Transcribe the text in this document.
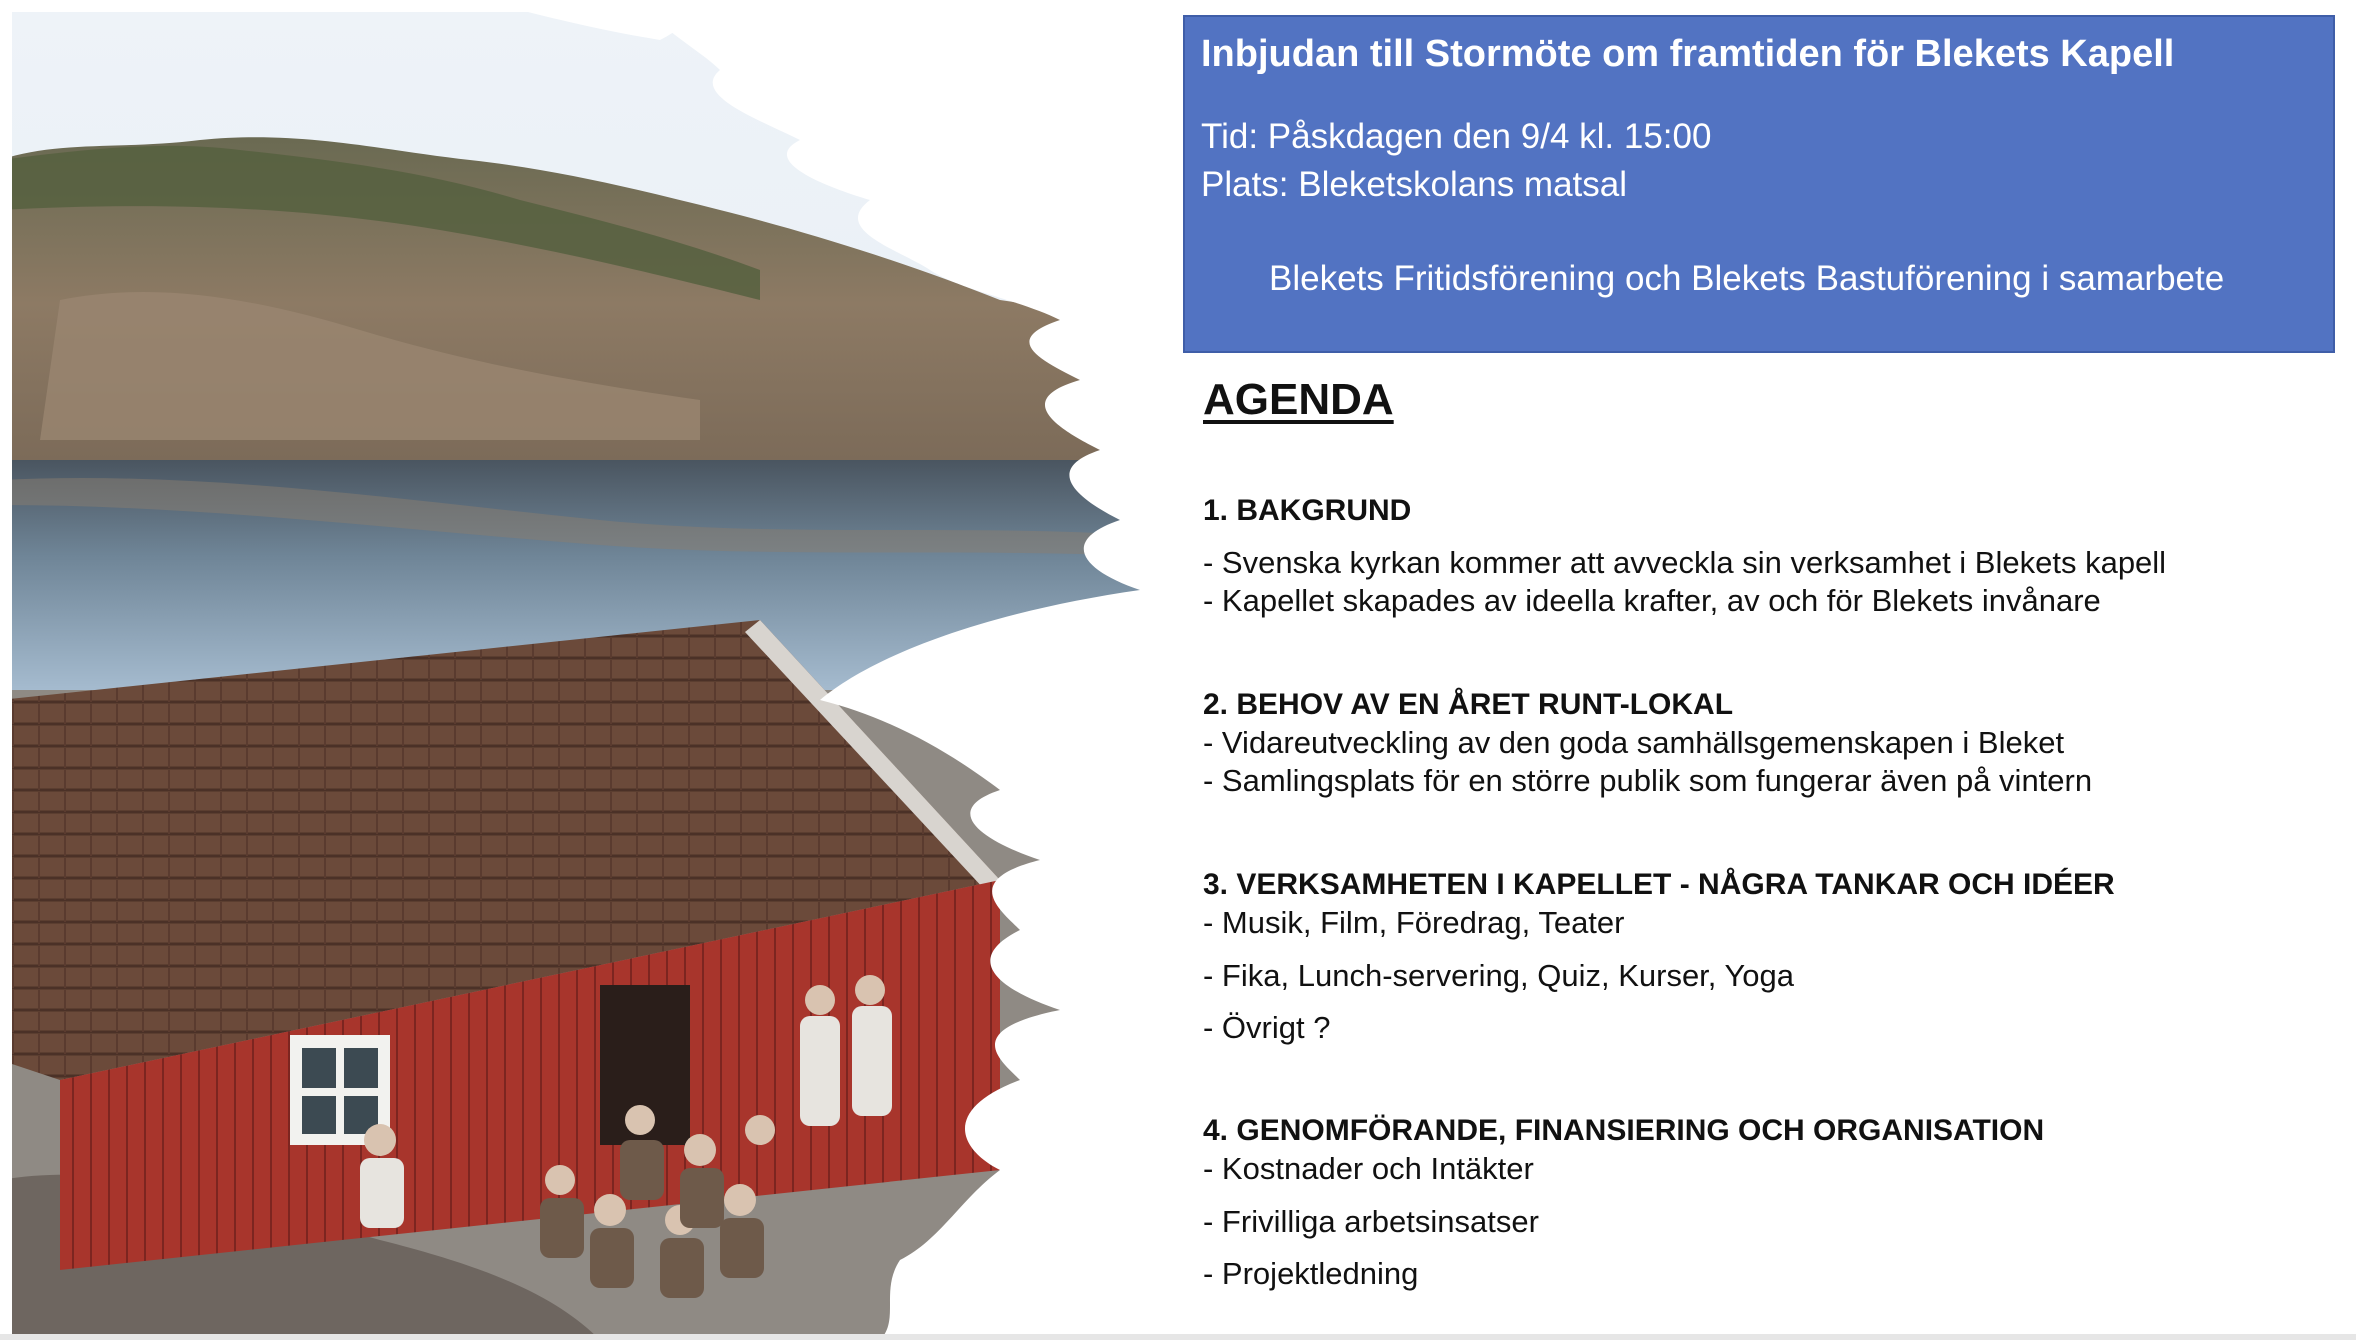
Inbjudan till Stormöte om framtiden för Blekets Kapell
Tid: Påskdagen den 9/4 kl. 15:00
Plats: Bleketskolans matsal
Blekets Fritidsförening och Blekets Bastuförening i samarbete
AGENDA
1. BAKGRUND
- Svenska kyrkan kommer att avveckla sin verksamhet i Blekets kapell
- Kapellet skapades av ideella krafter, av och för Blekets invånare
2. BEHOV AV EN ÅRET RUNT-LOKAL
- Vidareutveckling av den goda samhällsgemenskapen i Bleket
- Samlingsplats för en större publik som fungerar även på vintern
3. VERKSAMHETEN I KAPELLET - NÅGRA TANKAR OCH IDÉER
- Musik, Film, Föredrag, Teater
- Fika, Lunch-servering, Quiz, Kurser, Yoga
- Övrigt ?
4. GENOMFÖRANDE, FINANSIERING OCH ORGANISATION
- Kostnader och Intäkter
- Frivilliga arbetsinsatser
- Projektledning
